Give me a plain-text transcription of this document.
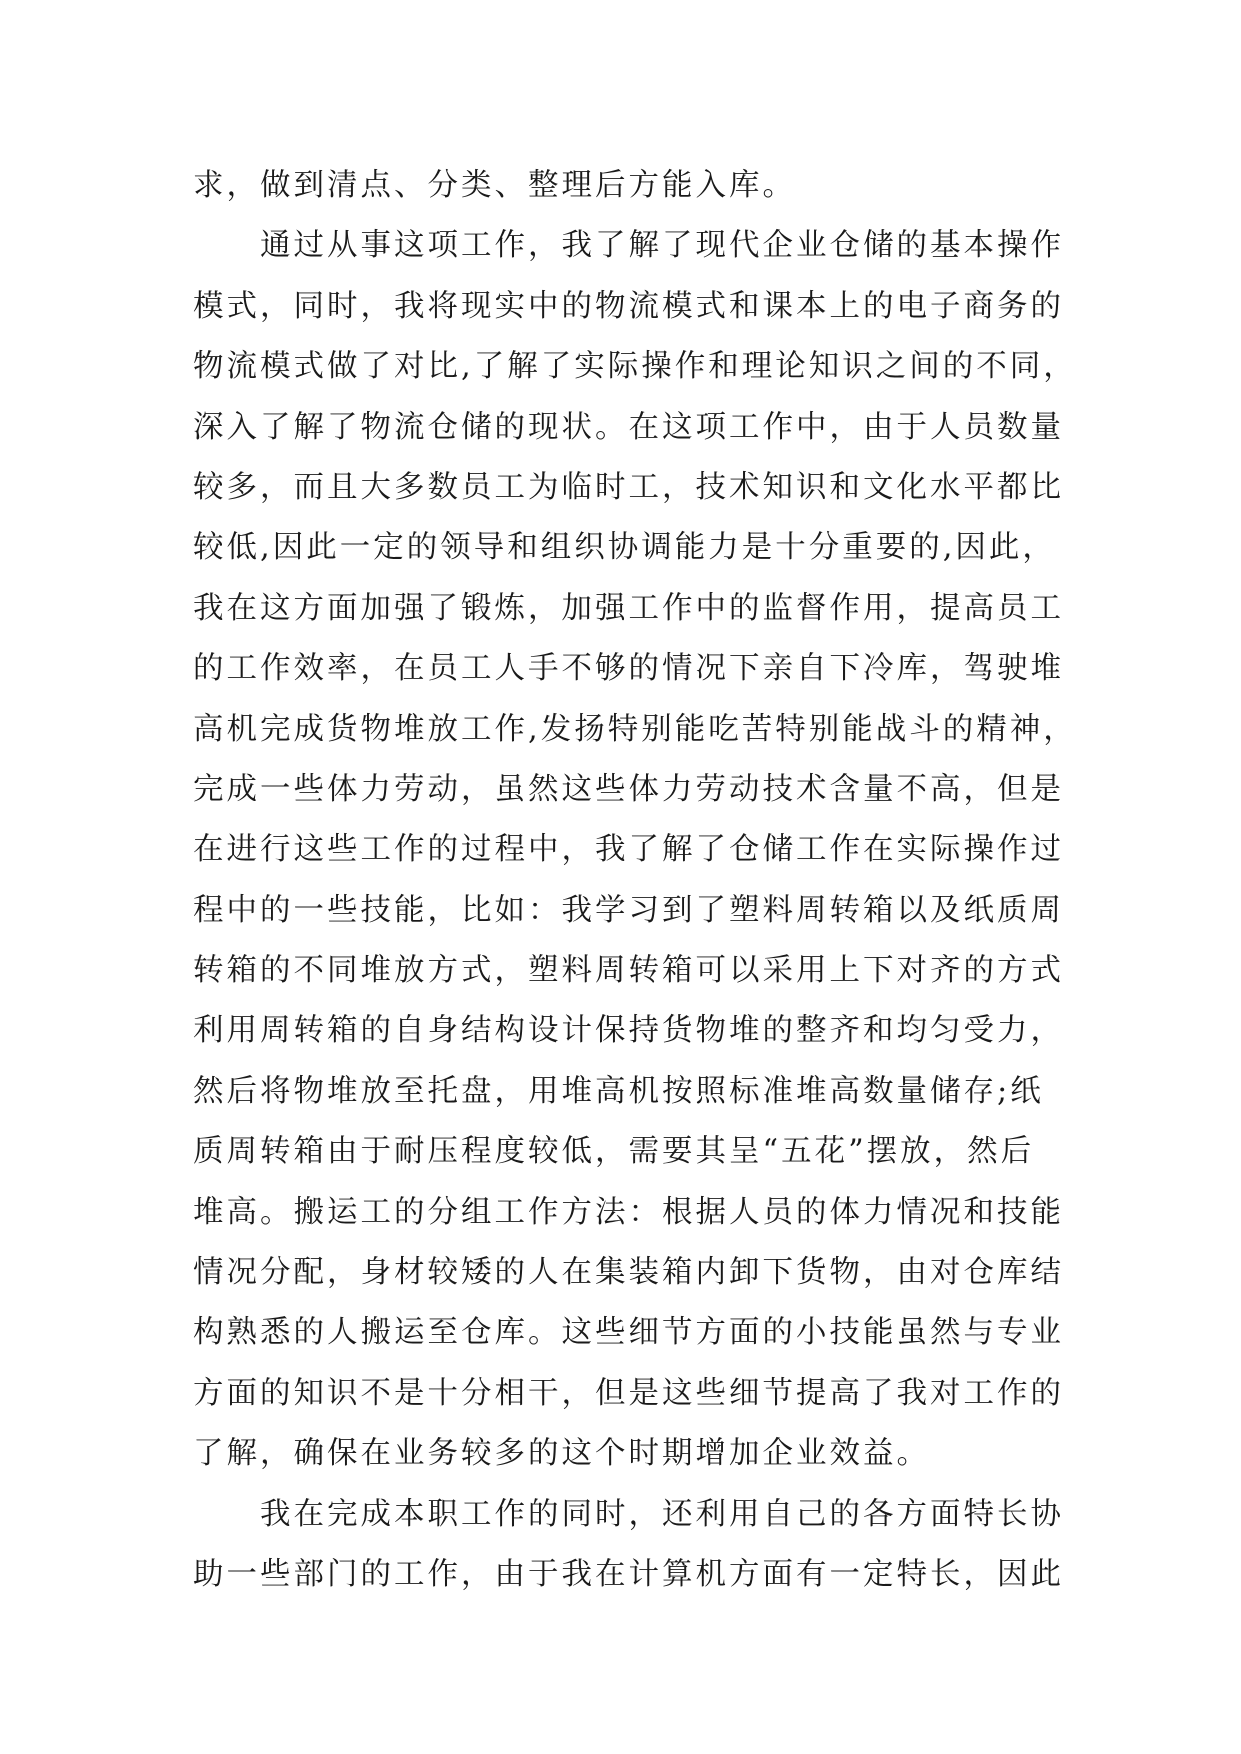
求，做到清点、分类、整理后方能入库。
通过从事这项工作，我了解了现代企业仓储的基本操作
模式，同时，我将现实中的物流模式和课本上的电子商务的
物流模式做了对比,了解了实际操作和理论知识之间的不同，
深入了解了物流仓储的现状。在这项工作中，由于人员数量
较多，而且大多数员工为临时工，技术知识和文化水平都比
较低,因此一定的领导和组织协调能力是十分重要的,因此，
我在这方面加强了锻炼，加强工作中的监督作用，提高员工
的工作效率，在员工人手不够的情况下亲自下冷库，驾驶堆
高机完成货物堆放工作,发扬特别能吃苦特别能战斗的精神，
完成一些体力劳动，虽然这些体力劳动技术含量不高，但是
在进行这些工作的过程中，我了解了仓储工作在实际操作过
程中的一些技能，比如：我学习到了塑料周转箱以及纸质周
转箱的不同堆放方式，塑料周转箱可以采用上下对齐的方式
利用周转箱的自身结构设计保持货物堆的整齐和均匀受力，
然后将物堆放至托盘，用堆高机按照标准堆高数量储存;纸
质周转箱由于耐压程度较低，需要其呈“五花”摆放，然后
堆高。搬运工的分组工作方法：根据人员的体力情况和技能
情况分配，身材较矮的人在集装箱内卸下货物，由对仓库结
构熟悉的人搬运至仓库。这些细节方面的小技能虽然与专业
方面的知识不是十分相干，但是这些细节提高了我对工作的
了解，确保在业务较多的这个时期增加企业效益。
我在完成本职工作的同时，还利用自己的各方面特长协
助一些部门的工作，由于我在计算机方面有一定特长，因此
